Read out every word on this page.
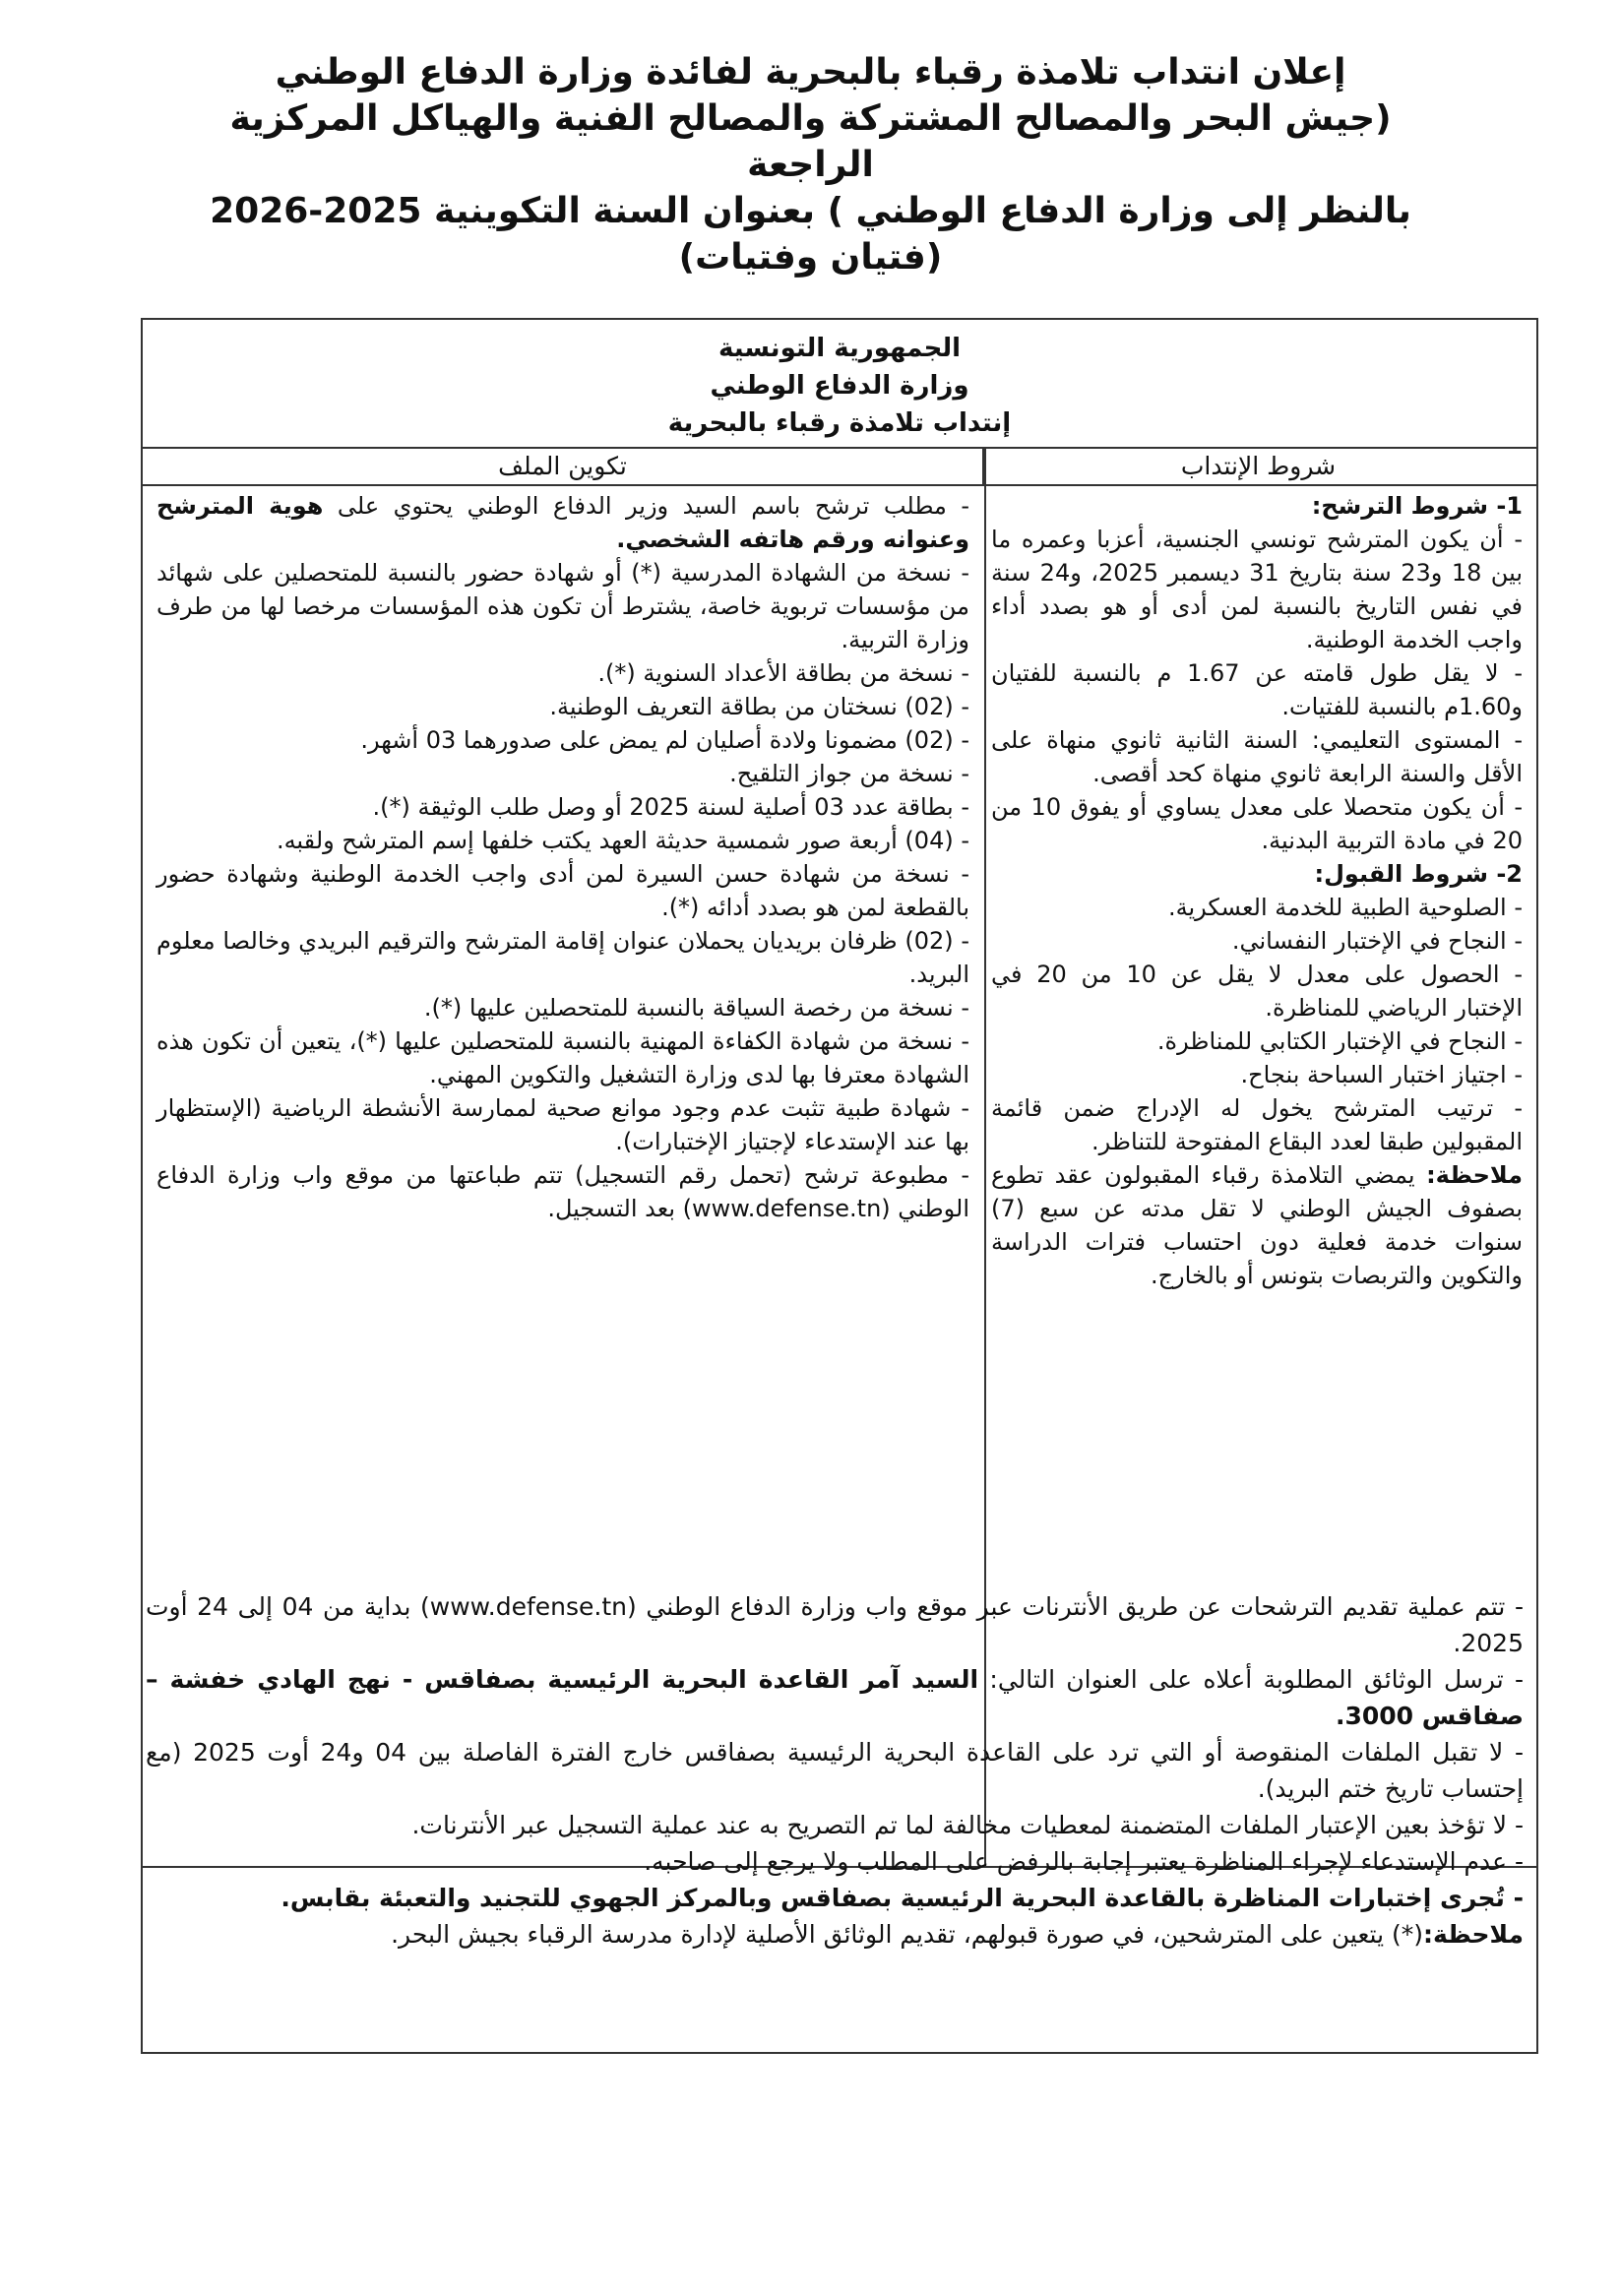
إعلان انتداب تلامذة رقباء بالبحرية لفائدة وزارة الدفاع الوطني
(جيش البحر والمصالح المشتركة والمصالح الفنية والهياكل المركزية الراجعة
بالنظر إلى وزارة الدفاع الوطني ) بعنوان السنة التكوينية 2025-2026
(فتيان وفتيات)
الجمهورية التونسية
وزارة الدفاع الوطني
إنتداب تلامذة رقباء بالبحرية
شروط الإنتداب
تكوين الملف

1- شروط الترشح:

- أن يكون المترشح تونسي الجنسية، أعزبا وعمره ما بين 18 و23 سنة بتاريخ 31 ديسمبر 2025، و24 سنة في نفس التاريخ بالنسبة لمن أدى أو هو بصدد أداء واجب الخدمة الوطنية.

- لا يقل طول قامته عن 1.67 م بالنسبة للفتيان و1.60م بالنسبة للفتيات.

- المستوى التعليمي: السنة الثانية ثانوي منهاة على الأقل والسنة الرابعة ثانوي منهاة كحد أقصى.

- أن يكون متحصلا على معدل يساوي أو يفوق 10 من 20 في مادة التربية البدنية.

2- شروط القبول:

- الصلوحية الطبية للخدمة العسكرية.

- النجاح في الإختبار النفساني.

- الحصول على معدل لا يقل عن 10 من 20 في الإختبار الرياضي للمناظرة.

- النجاح في الإختبار الكتابي للمناظرة.

- اجتياز اختبار السباحة بنجاح.

- ترتيب المترشح يخول له الإدراج ضمن قائمة المقبولين طبقا لعدد البقاع المفتوحة للتناظر.

ملاحظة: يمضي التلامذة رقباء المقبولون عقد تطوع بصفوف الجيش الوطني لا تقل مدته عن سبع (7) سنوات خدمة فعلية دون احتساب فترات الدراسة والتكوين والتربصات بتونس أو بالخارج.

- مطلب ترشح باسم السيد وزير الدفاع الوطني يحتوي على هوية المترشح وعنوانه ورقم هاتفه الشخصي.

- نسخة من الشهادة المدرسية (*) أو شهادة حضور بالنسبة للمتحصلين على شهائد من مؤسسات تربوية خاصة، يشترط أن تكون هذه المؤسسات مرخصا لها من طرف وزارة التربية.

- نسخة من بطاقة الأعداد السنوية (*).

- (02) نسختان من بطاقة التعريف الوطنية.

- (02) مضمونا ولادة أصليان لم يمض على صدورهما 03 أشهر.

- نسخة من جواز التلقيح.

- بطاقة عدد 03 أصلية لسنة 2025 أو وصل طلب الوثيقة (*).

- (04) أربعة صور شمسية حديثة العهد يكتب خلفها إسم المترشح ولقبه.

- نسخة من شهادة حسن السيرة لمن أدى واجب الخدمة الوطنية وشهادة حضور بالقطعة لمن هو بصدد أدائه (*).

- (02) ظرفان بريديان يحملان عنوان إقامة المترشح والترقيم البريدي وخالصا معلوم البريد.

- نسخة من رخصة السياقة بالنسبة للمتحصلين عليها (*).

- نسخة من شهادة الكفاءة المهنية بالنسبة للمتحصلين عليها (*)، يتعين أن تكون هذه الشهادة معترفا بها لدى وزارة التشغيل والتكوين المهني.

- شهادة طبية تثبت عدم وجود موانع صحية لممارسة الأنشطة الرياضية (الإستظهار بها عند الإستدعاء لإجتياز الإختبارات).

- مطبوعة ترشح (تحمل رقم التسجيل) تتم طباعتها من موقع واب وزارة الدفاع الوطني (www.defense.tn) بعد التسجيل.

- تتم عملية تقديم الترشحات عن طريق الأنترنات عبر موقع واب وزارة الدفاع الوطني (www.defense.tn) بداية من 04 إلى 24 أوت 2025.

- ترسل الوثائق المطلوبة أعلاه على العنوان التالي: السيد آمر القاعدة البحرية الرئيسية بصفاقس - نهج الهادي خفشة – صفاقس 3000.

- لا تقبل الملفات المنقوصة أو التي ترد على القاعدة البحرية الرئيسية بصفاقس خارج الفترة الفاصلة بين 04 و24 أوت 2025 (مع إحتساب تاريخ ختم البريد).

- لا تؤخذ بعين الإعتبار الملفات المتضمنة لمعطيات مخالفة لما تم التصريح به عند عملية التسجيل عبر الأنترنات.

- عدم الإستدعاء لإجراء المناظرة يعتبر إجابة بالرفض على المطلب ولا يرجع إلى صاحبه.

- تُجرى إختبارات المناظرة بالقاعدة البحرية الرئيسية بصفاقس وبالمركز الجهوي للتجنيد والتعبئة بقابس.

ملاحظة:(*) يتعين على المترشحين، في صورة قبولهم، تقديم الوثائق الأصلية لإدارة مدرسة الرقباء بجيش البحر.
